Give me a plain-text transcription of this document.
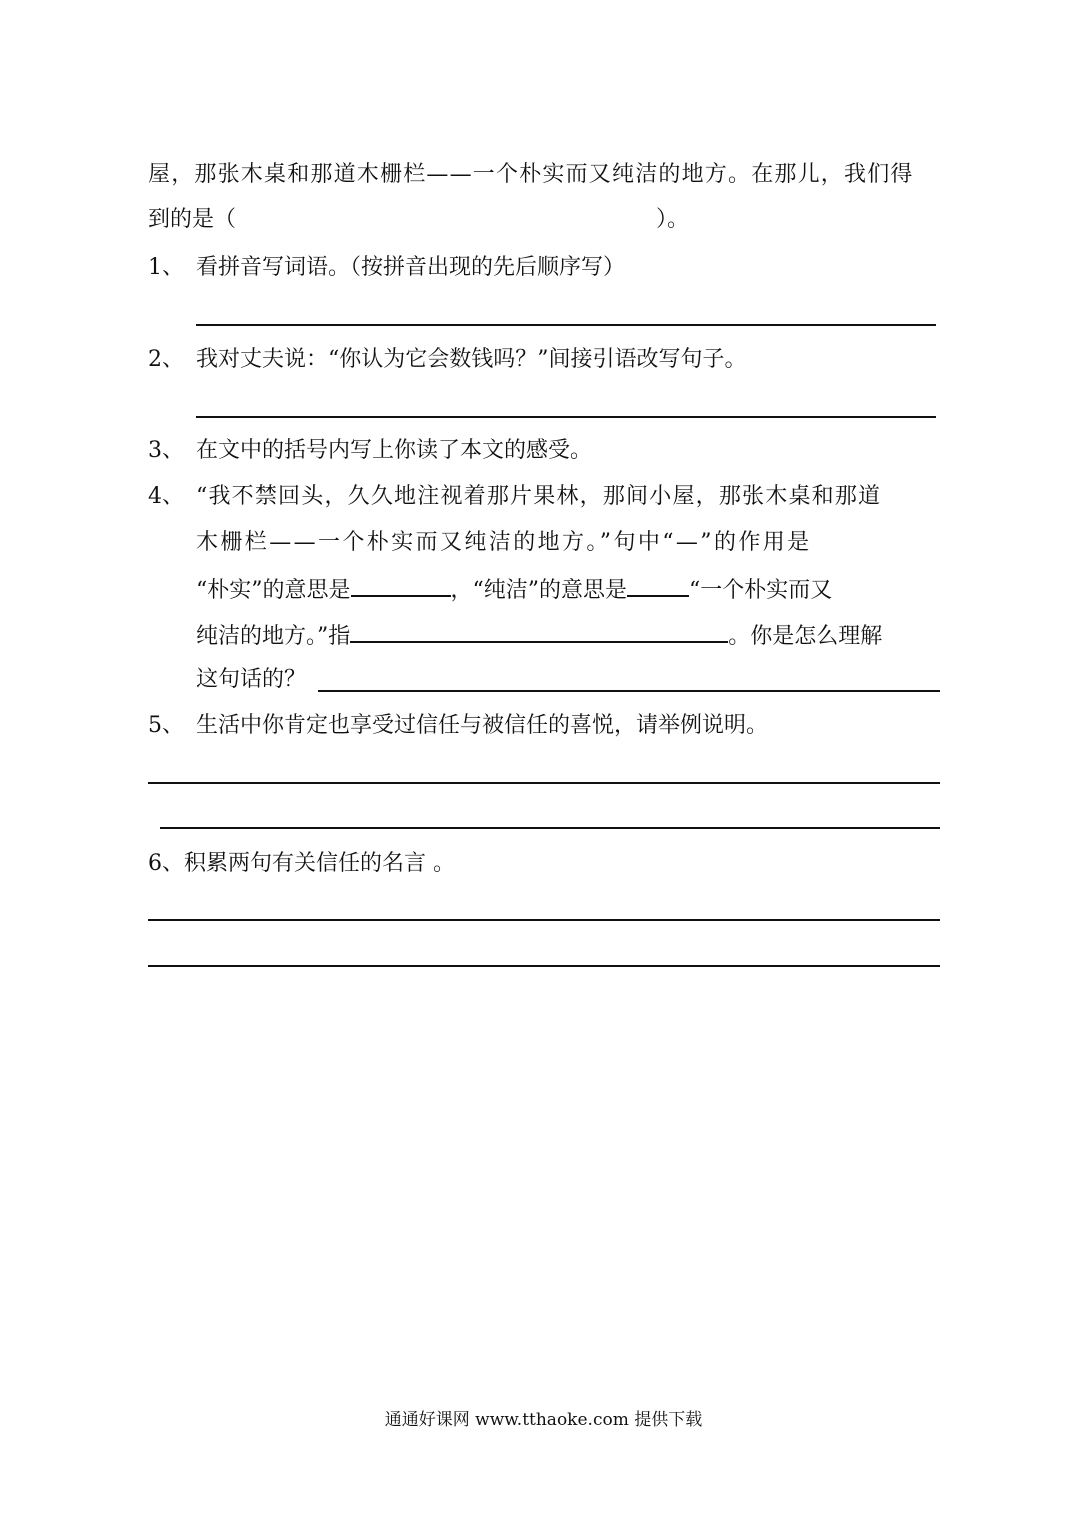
屋，那张木桌和那道木栅栏——一个朴实而又纯洁的地方。在那儿，我们得
到的是（	）。
1、 看拼音写词语。（按拼音出现的先后顺序写）
2、 我对丈夫说：“你认为它会数钱吗？”间接引语改写句子。
3、 在文中的括号内写上你读了本文的感受。
4、 “我不禁回头，久久地注视着那片果林，那间小屋，那张木桌和那道
木栅栏——一个朴实而又纯洁的地方。”句中“—”的作用是
“朴实”的意思是	，“纯洁”的意思是	“一个朴实而又
纯洁的地方。”指	。你是怎么理解
这句话的？
5、 生活中你肯定也享受过信任与被信任的喜悦，请举例说明。
6、积累两句有关信任的名言 。
通通好课网 www.tthaoke.com 提供下载
